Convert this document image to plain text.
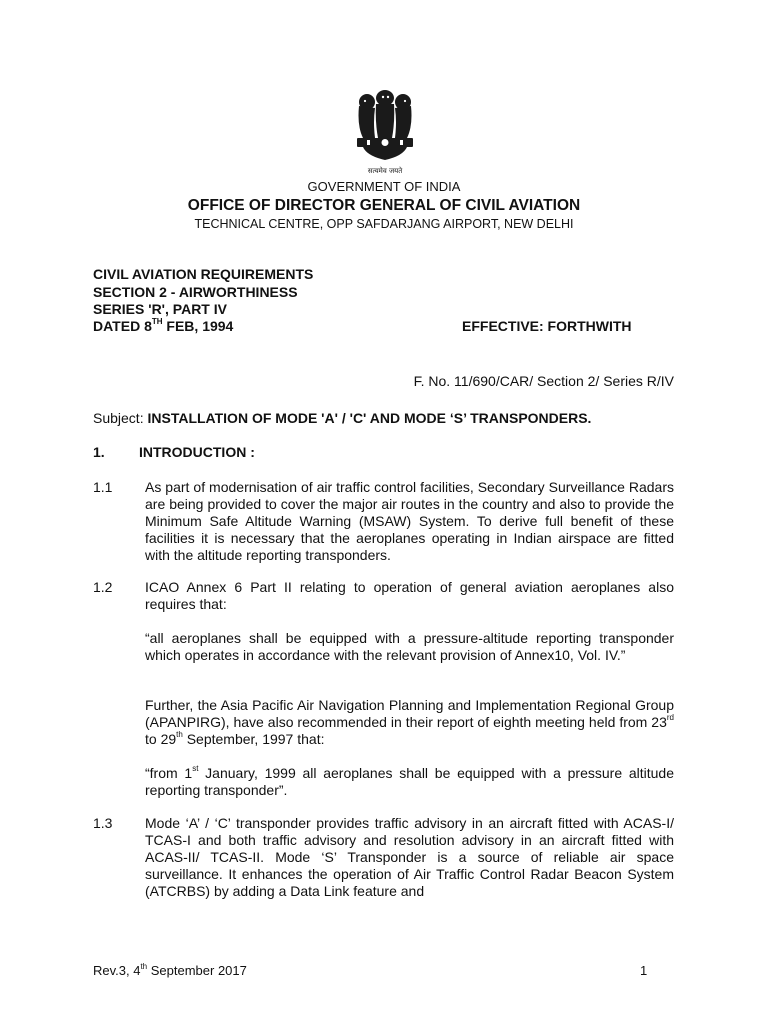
सत्यमेव जयते
GOVERNMENT OF INDIA
OFFICE OF DIRECTOR GENERAL OF CIVIL AVIATION
TECHNICAL CENTRE, OPP SAFDARJANG AIRPORT, NEW DELHI
CIVIL AVIATION REQUIREMENTS
SECTION 2 - AIRWORTHINESS
SERIES 'R', PART IV
DATED 8TH FEB, 1994	EFFECTIVE: FORTHWITH
F. No. 11/690/CAR/ Section 2/ Series R/IV
Subject: INSTALLATION OF MODE 'A' / 'C' AND MODE ‘S’ TRANSPONDERS.
1. INTRODUCTION :
1.1 As part of modernisation of air traffic control facilities, Secondary Surveillance Radars are being provided to cover the major air routes in the country and also to provide the Minimum Safe Altitude Warning (MSAW) System. To derive full benefit of these facilities it is necessary that the aeroplanes operating in Indian airspace are fitted with the altitude reporting transponders.
1.2 ICAO Annex 6 Part II relating to operation of general aviation aeroplanes also requires that:
“all aeroplanes shall be equipped with a pressure-altitude reporting transponder which operates in accordance with the relevant provision of Annex10, Vol. IV.”
Further, the Asia Pacific Air Navigation Planning and Implementation Regional Group (APANPIRG), have also recommended in their report of eighth meeting held from 23rd to 29th September, 1997 that:
“from 1st January, 1999 all aeroplanes shall be equipped with a pressure altitude reporting transponder”.
1.3 Mode ‘A’ / ‘C’ transponder provides traffic advisory in an aircraft fitted with ACAS-I/ TCAS-I and both traffic advisory and resolution advisory in an aircraft fitted with ACAS-II/ TCAS-II. Mode ‘S’ Transponder is a source of reliable air space surveillance. It enhances the operation of Air Traffic Control Radar Beacon System (ATCRBS) by adding a Data Link feature and
Rev.3, 4th September 2017	1
